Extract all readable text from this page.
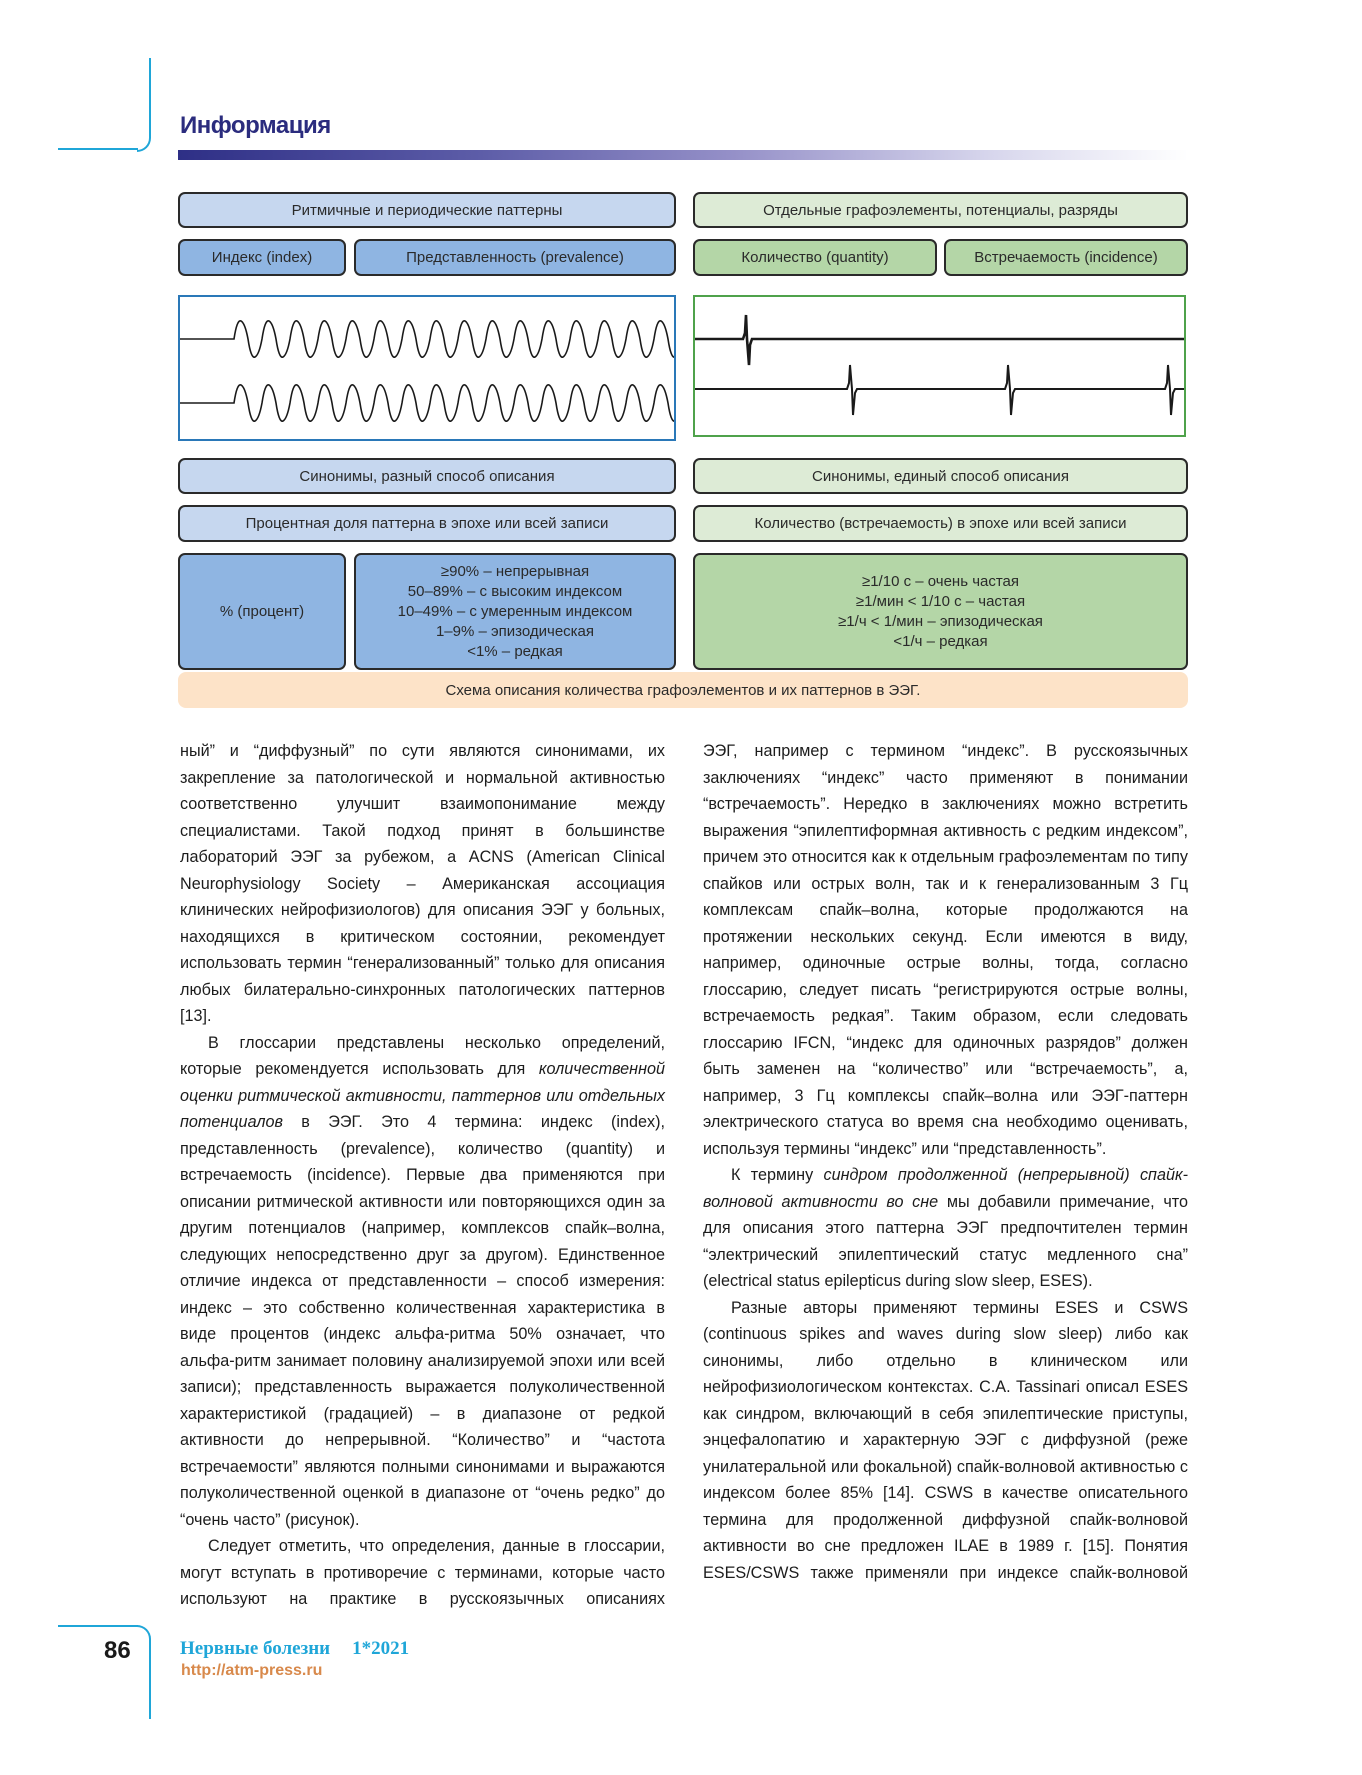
Информация
Ритмичные и периодические паттерны
Индекс (index)	Представленность (prevalence)
Синонимы, разный способ описания
Процентная доля паттерна в эпохе или всей записи
% (процент)
≥90% – непрерывная
50–89% – с высоким индексом
10–49% – с умеренным индексом
1–9% – эпизодическая
<1% – редкая
Отдельные графоэлементы, потенциалы, разряды
Количество (quantity)	Встречаемость (incidence)
Синонимы, единый способ описания
Количество (встречаемость) в эпохе или всей записи
≥1/10 с – очень частая
≥1/мин < 1/10 с – частая
≥1/ч < 1/мин – эпизодическая
<1/ч – редкая
Схема описания количества графоэлементов и их паттернов в ЭЭГ.

ный” и “диффузный” по сути являются синонимами, их закрепление за патологической и нормальной активностью соответственно улучшит взаимопонимание между специалистами. Такой подход принят в большинстве лабораторий ЭЭГ за рубежом, а ACNS (American Clinical Neurophysiology Society – Американская ассоциация клинических нейрофизиологов) для описания ЭЭГ у больных, находящихся в критическом состоянии, рекомендует использовать термин “генерализованный” только для описания любых билатерально-синхронных патологических паттернов [13].

В глоссарии представлены несколько определений, которые рекомендуется использовать для количественной оценки ритмической активности, паттернов или отдельных потенциалов в ЭЭГ. Это 4 термина: индекс (index), представленность (prevalence), количество (quantity) и встречаемость (incidence). Первые два применяются при описании ритмической активности или повторяющихся один за другим потенциалов (например, комплексов спайк–волна, следующих непосредственно друг за другом). Единственное отличие индекса от представленности – способ измерения: индекс – это собственно количественная характеристика в виде процентов (индекс альфа-ритма 50% означает, что альфа-ритм занимает половину анализируемой эпохи или всей записи); представленность выражается полуколичественной характеристикой (градацией) – в диапазоне от редкой активности до непрерывной. “Количество” и “частота встречаемости” являются полными синонимами и выражаются полуколичественной оценкой в диапазоне от “очень редко” до “очень часто” (рисунок).

Следует отметить, что определения, данные в глоссарии, могут вступать в противоречие с терминами, которые часто используют на практике в русскоязычных описаниях

ЭЭГ, например с термином “индекс”. В русскоязычных заключениях “индекс” часто применяют в понимании “встречаемость”. Нередко в заключениях можно встретить выражения “эпилептиформная активность с редким индексом”, причем это относится как к отдельным графоэлементам по типу спайков или острых волн, так и к генерализованным 3 Гц комплексам спайк–волна, которые продолжаются на протяжении нескольких секунд. Если имеются в виду, например, одиночные острые волны, тогда, согласно глоссарию, следует писать “регистрируются острые волны, встречаемость редкая”. Таким образом, если следовать глоссарию IFCN, “индекс для одиночных разрядов” должен быть заменен на “количество” или “встречаемость”, а, например, 3 Гц комплексы спайк–волна или ЭЭГ-паттерн электрического статуса во время сна необходимо оценивать, используя термины “индекс” или “представленность”.

К термину синдром продолженной (непрерывной) спайк-волновой активности во сне мы добавили примечание, что для описания этого паттерна ЭЭГ предпочтителен термин “электрический эпилептический статус медленного сна” (electrical status epilepticus during slow sleep, ESES).

Разные авторы применяют термины ESES и CSWS (continuous spikes and waves during slow sleep) либо как синонимы, либо отдельно в клиническом или нейрофизиологическом контекстах. C.A. Tassinari описал ESES как синдром, включающий в себя эпилептические приступы, энцефалопатию и характерную ЭЭГ с диффузной (реже унилатеральной или фокальной) спайк-волновой активностью с индексом более 85% [14]. CSWS в качестве описательного термина для продолженной диффузной спайк-волновой активности во сне предложен ILAE в 1989 г. [15]. Понятия ESES/CSWS также применяли при индексе спайк-волновой

86	Нервные болезни 1*2021
http://atm-press.ru
